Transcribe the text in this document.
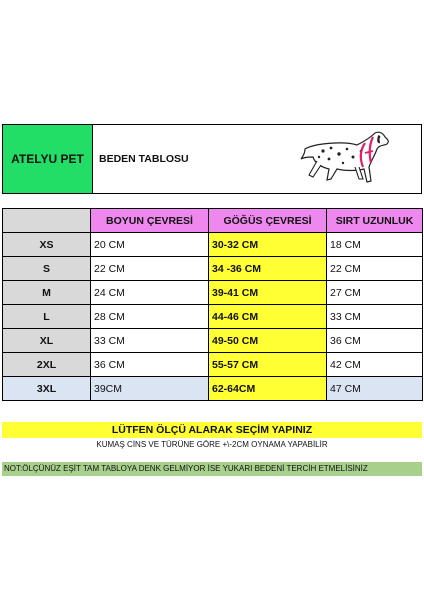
ATELYU PET	BEDEN TABLOSU
	BOYUN ÇEVRESİ	GÖĞÜS ÇEVRESİ	SIRT UZUNLUK
XS	20 CM	30-32 CM	18 CM
S	22 CM	34 -36 CM	22 CM
M	24 CM	39-41 CM	27 CM
L	28 CM	44-46 CM	33 CM
XL	33 CM	49-50 CM	36 CM
2XL	36 CM	55-57 CM	42 CM
3XL	39CM	62-64CM	47 CM
LÜTFEN ÖLÇÜ ALARAK SEÇİM YAPINIZ
KUMAŞ CİNS VE TÜRÜNE GÖRE +\-2CM OYNAMA YAPABİLİR
NOT:ÖLÇÜNÜZ EŞİT TAM TABLOYA DENK GELMİYOR İSE YUKARI BEDENİ TERCİH ETMELİSİNİZ
